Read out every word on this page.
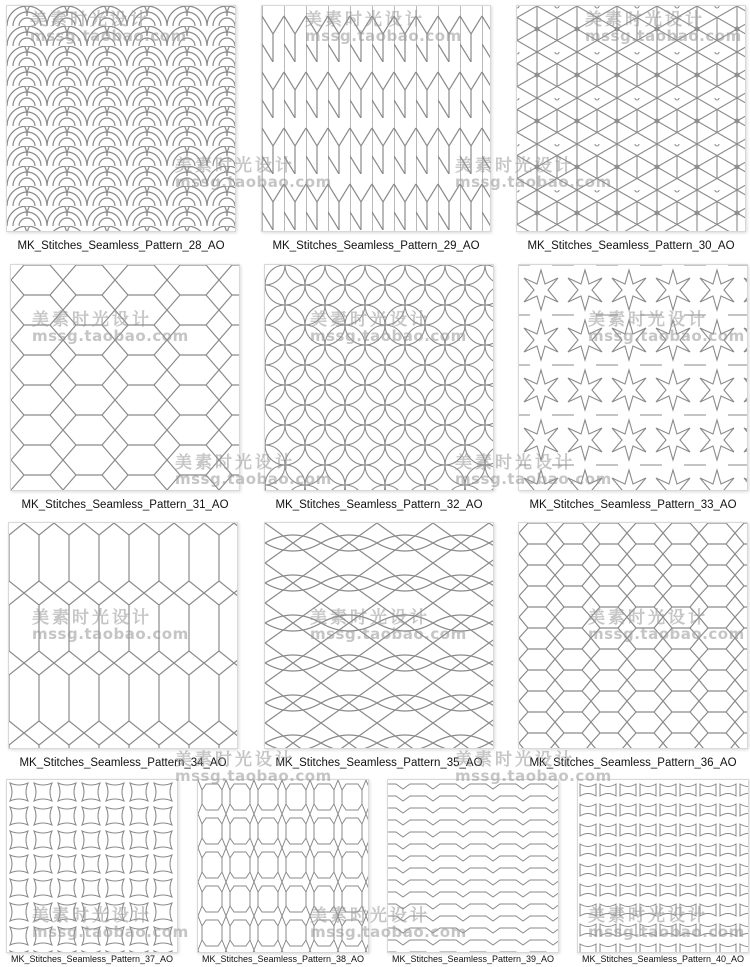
MK_Stitches_Seamless_Pattern_28_AO	MK_Stitches_Seamless_Pattern_29_AO	MK_Stitches_Seamless_Pattern_30_AO
MK_Stitches_Seamless_Pattern_31_AO	MK_Stitches_Seamless_Pattern_32_AO	MK_Stitches_Seamless_Pattern_33_AO
MK_Stitches_Seamless_Pattern_34_AO	MK_Stitches_Seamless_Pattern_35_AO	MK_Stitches_Seamless_Pattern_36_AO
MK_Stitches_Seamless_Pattern_37_AO	MK_Stitches_Seamless_Pattern_38_AO	MK_Stitches_Seamless_Pattern_39_AO	MK_Stitches_Seamless_Pattern_40_AO
美素时光设计
mssg.taobao.com
美素时光设计
mssg.taobao.com
美素时光设计
mssg.taobao.com
美素时光设计
mssg.taobao.com
美素时光设计
mssg.taobao.com
美素时光设计
mssg.taobao.com
美素时光设计
mssg.taobao.com
美素时光设计
mssg.taobao.com
美素时光设计
mssg.taobao.com
美素时光设计
mssg.taobao.com
美素时光设计
mssg.taobao.com
美素时光设计
mssg.taobao.com
美素时光设计
mssg.taobao.com
美素时光设计
mssg.taobao.com
美素时光设计
mssg.taobao.com
美素时光设计
mssg.taobao.com
美素时光设计
mssg.taobao.com
美素时光设计
mssg.taobao.com
